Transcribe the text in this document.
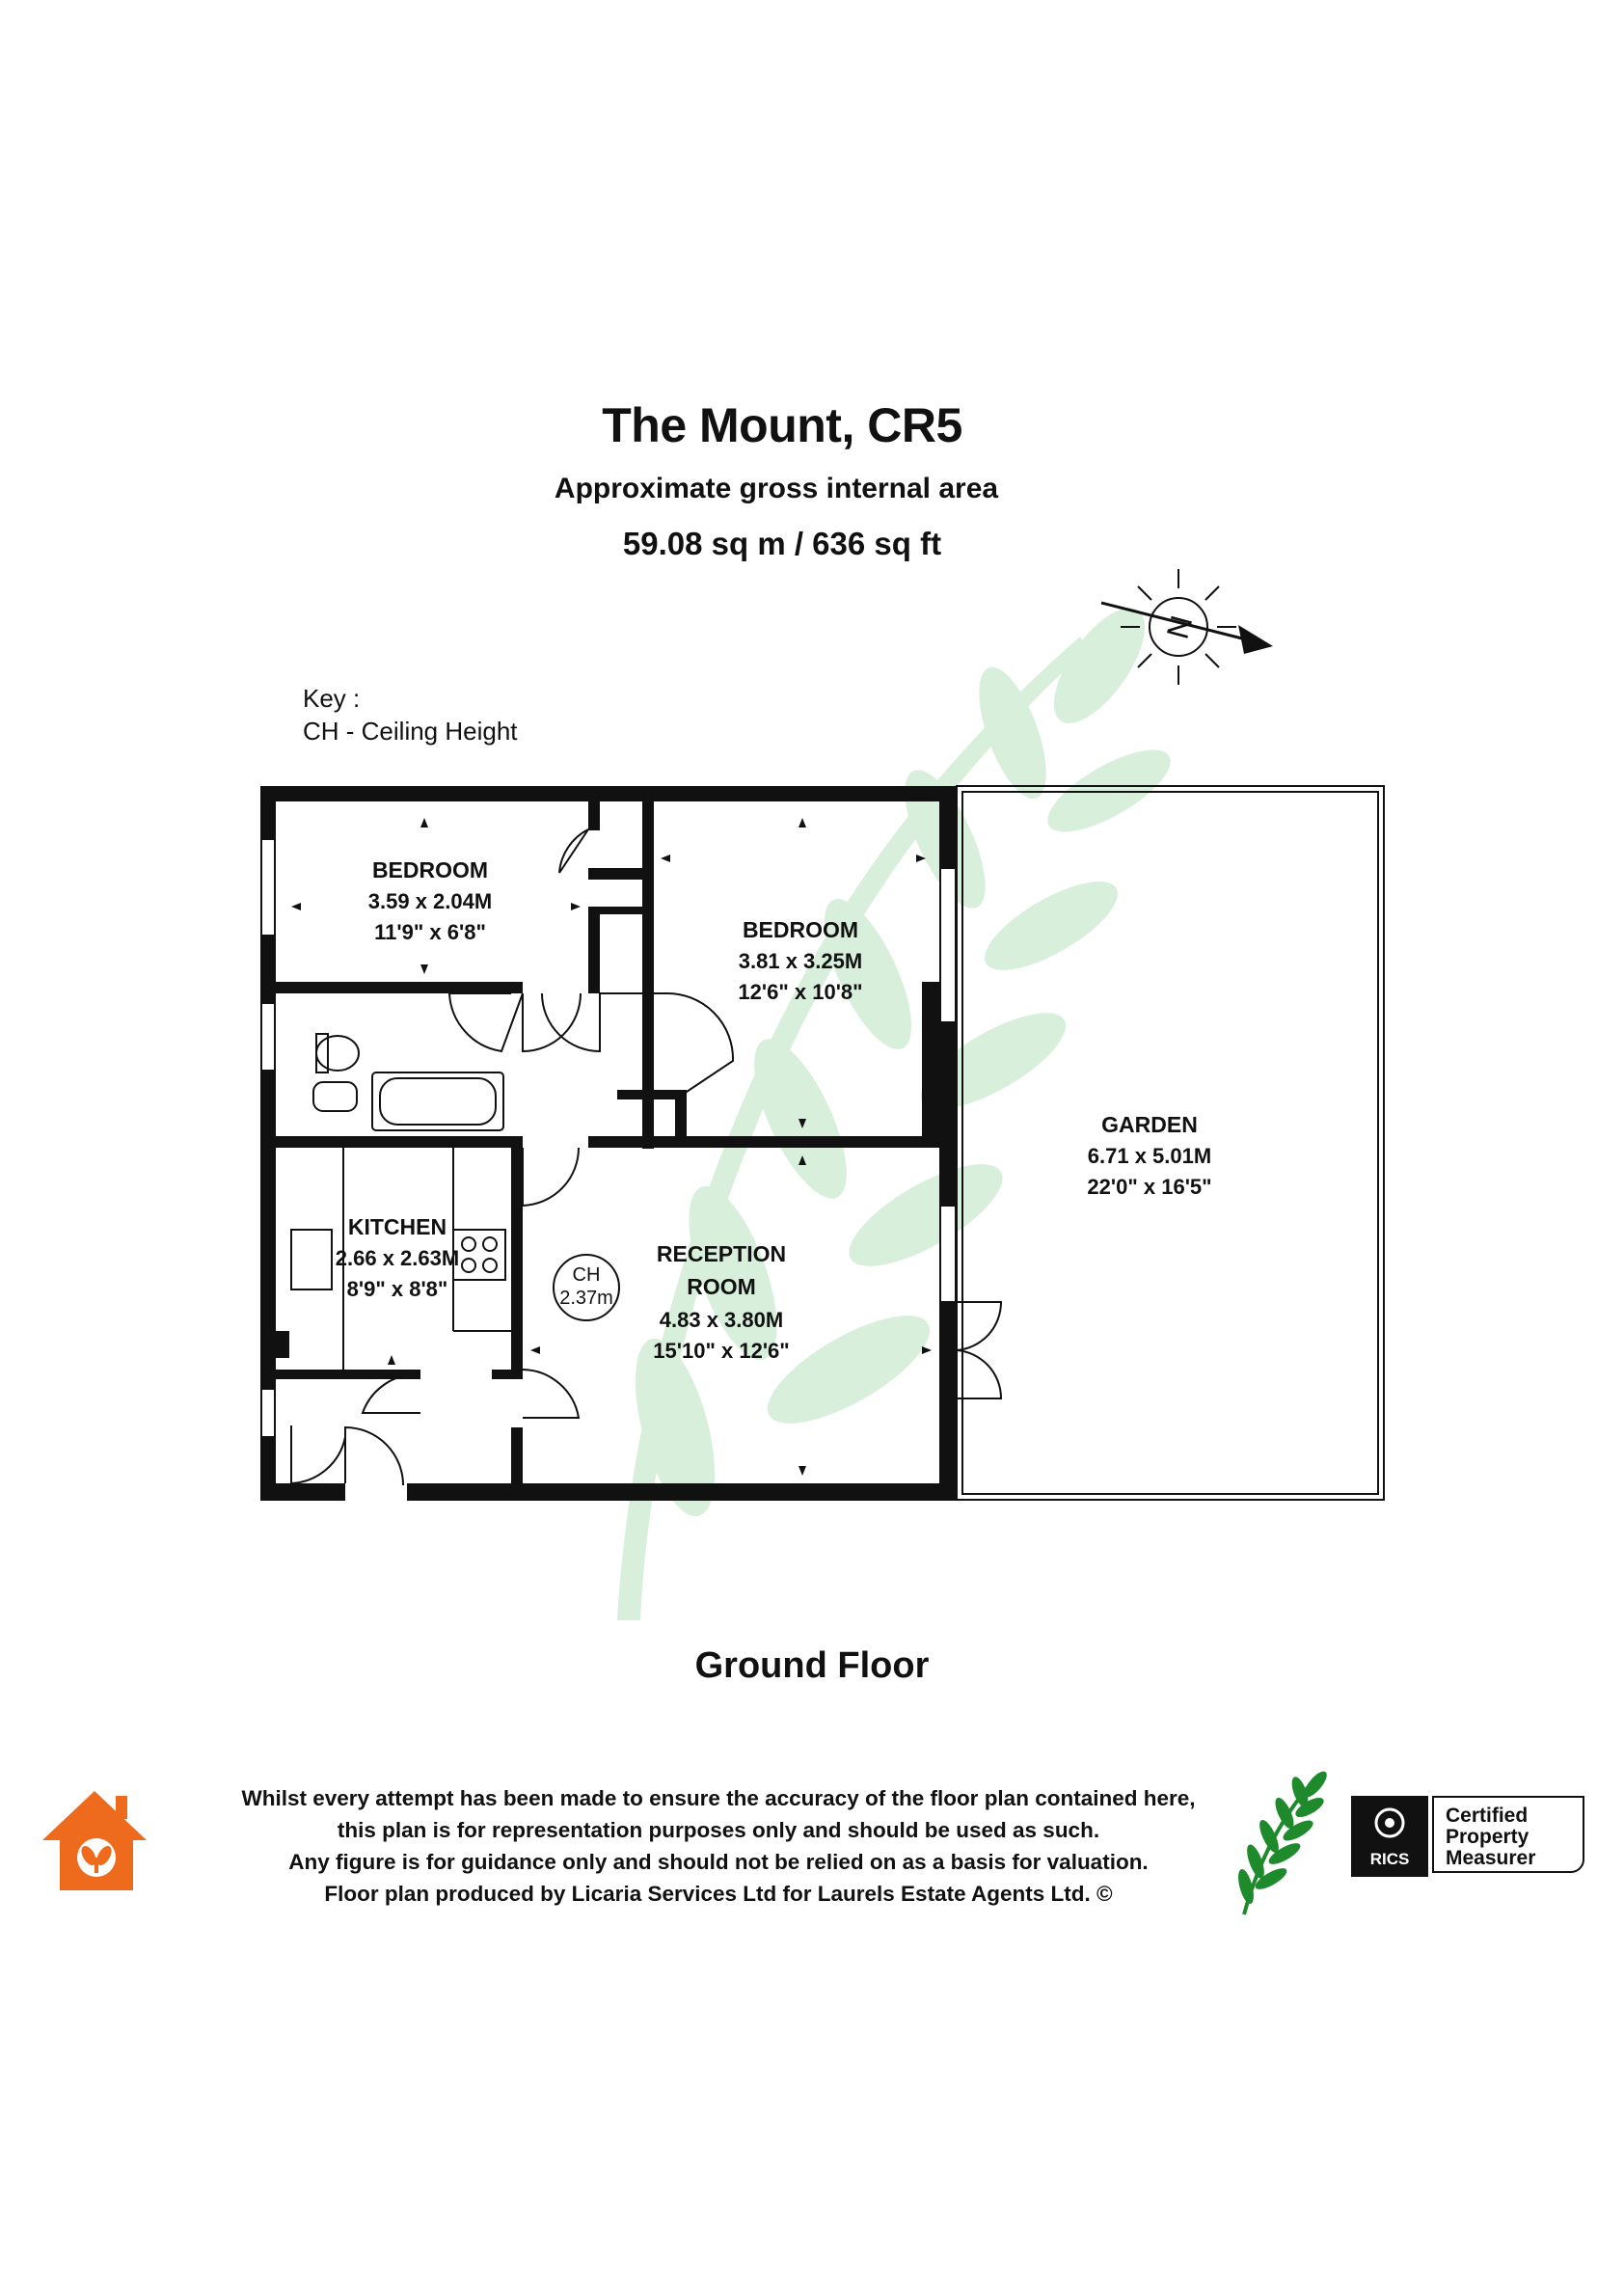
The Mount, CR5
Approximate gross internal area
59.08 sq m / 636 sq ft
Key :
CH - Ceiling Height
N
CH
2.37m
BEDROOM
3.59 x 2.04M
11'9" x 6'8"	BEDROOM
3.81 x 3.25M
12'6" x 10'8"
GARDEN
6.71 x 5.01M
22'0" x 16'5"
KITCHEN
2.66 x 2.63M
8'9" x 8'8"
RECEPTION
ROOM
4.83 x 3.80M
15'10" x 12'6"
Ground Floor
Whilst every attempt has been made to ensure the accuracy of the floor plan contained here,
this plan is for representation purposes only and should be used as such.
Any figure is for guidance only and should not be relied on as a basis for valuation.
Floor plan produced by Licaria Services Ltd for Laurels Estate Agents Ltd. ©
RICS
Certified
Property
Measurer
